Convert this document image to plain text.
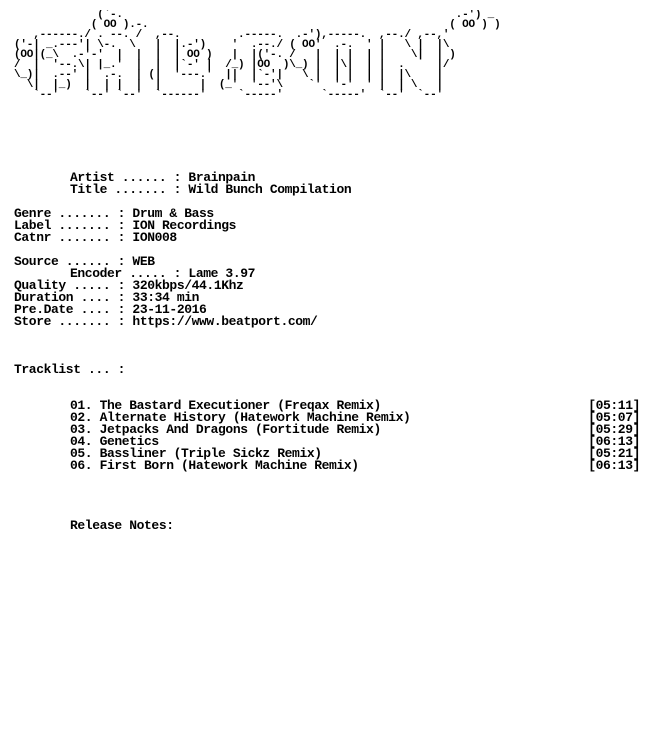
(`-.                                                    .-') _
( OO ).-.                                               ( OO ) )
,------./ . --. /  ,--.         .-----.  .-'),-----.  ,--./ ,--,'
('-| _.---'| \-.  \   |  |.-')    '  .--./ ( OO'  .-.  ' |   \ |  |\
(OO|(_\  .-'-'  |  |  |  | OO )   |  |('-. /   |  | |  | |    \|  | )
/  |  '--.\| |_.'  |  |  |`-' |  /_) |OO  )\_) |  |\|  | |  .     |/
\_)|  .--' |  .-.  | (|  '---.'  ||  |`-'|   \ |  | |  | |  |\    |
\|  |_)  |  | |  |  |      |  (_'  '--'\    `'  '-'  ' |  | \   |
`--'    `--' `--'  `------'     `-----'      `-----'  `--'  `--'
Artist ...... : Brainpain
Title ....... : Wild Bunch Compilation
Genre ....... : Drum & Bass
Label ....... : ION Recordings
Catnr ....... : ION008
Source ...... : WEB
Encoder ..... : Lame 3.97
Quality ..... : 320kbps/44.1Khz
Duration .... : 33:34 min
Pre.Date .... : 23-11-2016
Store ....... : https://www.beatport.com/
Tracklist ... :
01. The Bastard Executioner (Freqax Remix)	[05:11]
02. Alternate History (Hatework Machine Remix)	[05:07]
03. Jetpacks And Dragons (Fortitude Remix)	[05:29]
04. Genetics	[06:13]
05. Bassliner (Triple Sickz Remix)	[05:21]
06. First Born (Hatework Machine Remix)	[06:13]
Release Notes:
